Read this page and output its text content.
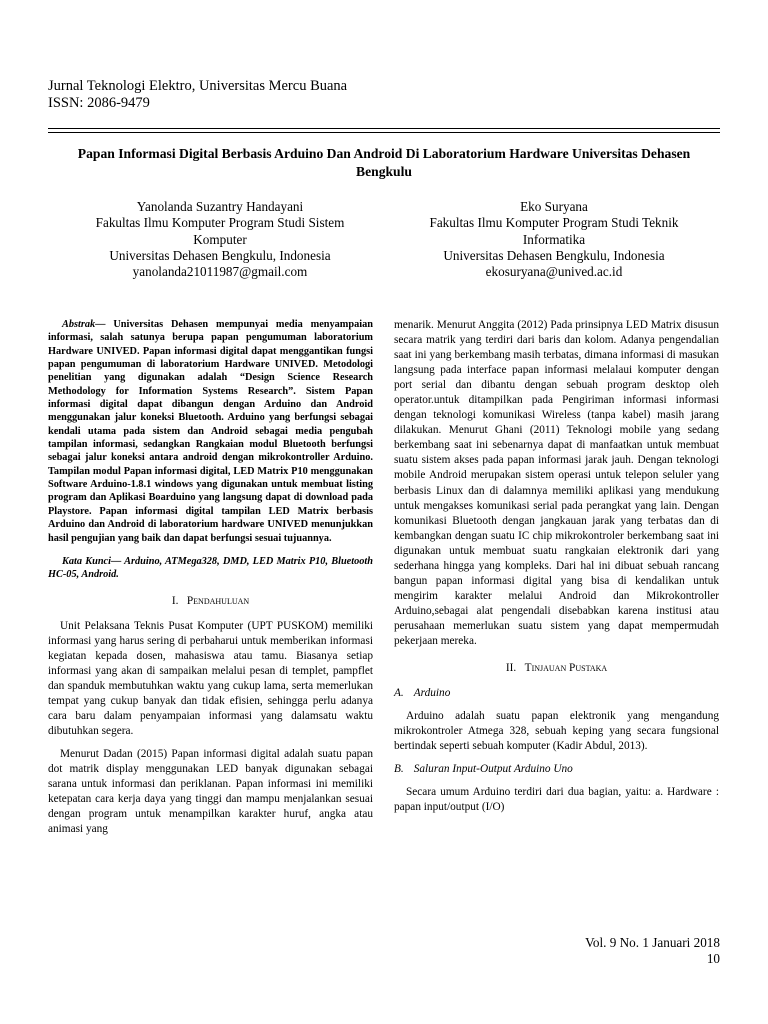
Jurnal Teknologi Elektro, Universitas Mercu Buana
ISSN: 2086-9479
Papan Informasi Digital Berbasis Arduino Dan Android Di Laboratorium Hardware Universitas Dehasen Bengkulu
Yanolanda Suzantry Handayani
Fakultas Ilmu Komputer Program Studi Sistem
Komputer
Universitas Dehasen Bengkulu, Indonesia
yanolanda21011987@gmail.com
Eko Suryana
Fakultas Ilmu Komputer Program Studi Teknik
Informatika
Universitas Dehasen Bengkulu, Indonesia
ekosuryana@unived.ac.id

Abstrak— Universitas Dehasen mempunyai media menyampaian informasi, salah satunya berupa papan pengumuman laboratorium Hardware UNIVED. Papan informasi digital dapat menggantikan fungsi papan pengumuman di laboratorium Hardware UNIVED. Metodologi penelitian yang digunakan adalah “Design Science Research Methodology for Information Systems Research”. Sistem Papan informasi digital dapat dibangun dengan Arduino dan Android menggunakan jalur koneksi Bluetooth. Arduino yang berfungsi sebagai kendali utama pada sistem dan Android sebagai media pengubah tampilan informasi, sedangkan Rangkaian modul Bluetooth berfungsi sebagai jalur koneksi antara android dengan mikrokontroller Arduino. Tampilan modul Papan informasi digital, LED Matrix P10 menggunakan Software Arduino-1.8.1 windows yang digunakan untuk membuat listing program dan Aplikasi Boarduino yang langsung dapat di download pada Playstore. Papan informasi digital tampilan LED Matrix berbasis Arduino dan Android di laboratorium hardware UNIVED menunjukkan hasil pengujian yang baik dan dapat berfungsi sesuai tujuannya.

Kata Kunci— Arduino, ATMega328, DMD, LED Matrix P10, Bluetooth HC-05, Android.

I. Pendahuluan

Unit Pelaksana Teknis Pusat Komputer (UPT PUSKOM) memiliki informasi yang harus sering di perbaharui untuk memberikan informasi kegiatan kepada dosen, mahasiswa atau tamu. Biasanya setiap informasi yang akan di sampaikan melalui pesan di templet, pampflet dan spanduk membutuhkan waktu yang cukup lama, serta memerlukan tempat yang cukup banyak dan tidak efisien, sehingga perlu adanya cara baru dalam penyampaian informasi yang dalamsatu waktu dibutuhkan segera.

Menurut Dadan (2015) Papan informasi digital adalah suatu papan dot matrik display menggunakan LED banyak digunakan sebagai sarana untuk informasi dan periklanan. Papan informasi ini memiliki ketepatan cara kerja daya yang tinggi dan mampu menjalankan sesuai dengan program untuk menampilkan karakter huruf, angka atau animasi yang

menarik. Menurut Anggita (2012) Pada prinsipnya LED Matrix disusun secara matrik yang terdiri dari baris dan kolom. Adanya pengendalian saat ini yang berkembang masih terbatas, dimana informasi di masukan langsung pada interface papan informasi melalaui komputer dengan port serial dan dibantu dengan sebuah program desktop oleh operator.untuk ditampilkan pada Pengiriman informasi informasi dengan teknologi komunikasi Wireless (tanpa kabel) masih jarang dilakukan. Menurut Ghani (2011) Teknologi mobile yang sedang berkembang saat ini sebenarnya dapat di manfaatkan untuk membuat suatu sistem akses pada papan informasi jarak jauh. Dengan teknologi mobile Android merupakan sistem operasi untuk telepon seluler yang berbasis Linux dan di dalamnya memiliki aplikasi yang mendukung untuk mengakses komunikasi serial pada perangkat yang lain. Dengan komunikasi Bluetooth dengan jangkauan jarak yang terbatas dan di kembangkan dengan suatu IC chip mikrokontroler berkembang saat ini digunakan untuk membuat suatu rangkaian elektronik dari yang sederhana hingga yang kompleks. Dari hal ini dibuat sebuah rancang bangun papan informasi digital yang bisa di kendalikan untuk mengirim karakter melalui Android dan Mikrokontroller Arduino,sebagai alat pengendali disebabkan karena institusi atau perusahaan memerlukan suatu sistem yang dapat mempermudah pekerjaan mereka.

II. Tinjauan Pustaka
A. Arduino

Arduino adalah suatu papan elektronik yang mengandung mikrokontroler Atmega 328, sebuah keping yang secara fungsional bertindak seperti sebuah komputer (Kadir Abdul, 2013).

B. Saluran Input-Output Arduino Uno

Secara umum Arduino terdiri dari dua bagian, yaitu: a. Hardware : papan input/output (I/O)

Vol. 9 No. 1 Januari 2018
10
